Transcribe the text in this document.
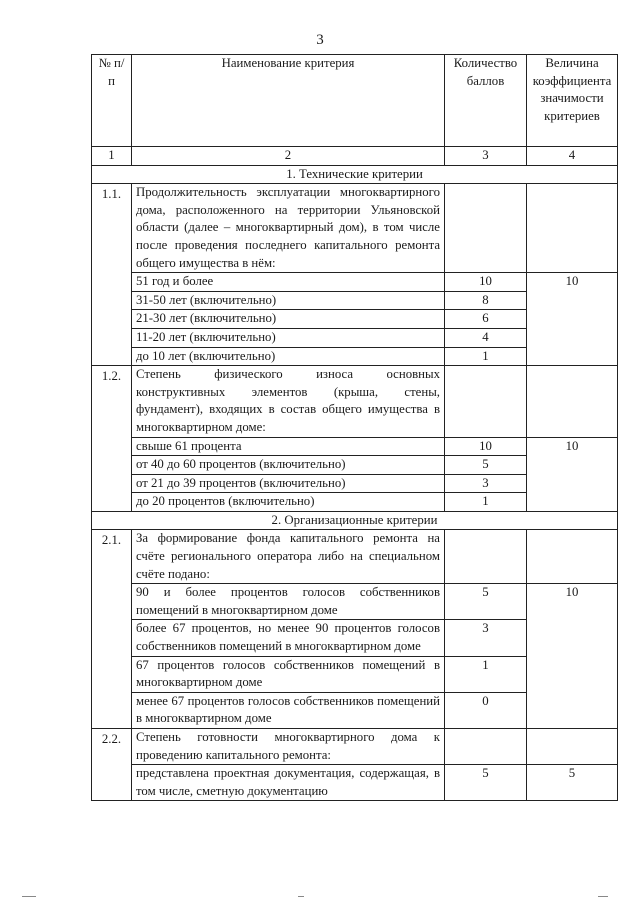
3
№ п/п	Наименование критерия	Количество баллов	Величина коэффициента значимости критериев
1	2	3	4
1. Технические критерии			
1.1.	Продолжительность эксплуатации многоквартирного дома, расположенного на территории Ульяновской области (далее – многоквартирный дом), в том числе после проведения последнего капитального ремонта общего имущества в нём:		
	51 год и более	10	10
	31-50 лет (включительно)	8	
	21-30 лет (включительно)	6	
	11-20 лет (включительно)	4	
	до 10 лет (включительно)	1	
1.2.	Степень физического износа основных конструктивных элементов (крыша, стены, фундамент), входящих в состав общего имущества в многоквартирном доме:		
	свыше 61 процента	10	10
	от 40 до 60 процентов (включительно)	5	
	от 21 до 39 процентов (включительно)	3	
	до 20 процентов (включительно)	1	
2. Организационные критерии			
2.1.	За формирование фонда капитального ремонта на счёте регионального оператора либо на специальном счёте подано:		
	90 и более процентов голосов собственников помещений в многоквартирном доме	5	10
	более 67 процентов, но менее 90 процентов голосов собственников помещений в многоквартирном доме	3	
	67 процентов голосов собственников помещений в многоквартирном доме	1	
	менее 67 процентов голосов собственников помещений в многоквартирном доме	0	
2.2.	Степень готовности многоквартирного дома к проведению капитального ремонта:		
	представлена проектная документация, содержащая, в том числе, сметную документацию	5	5
